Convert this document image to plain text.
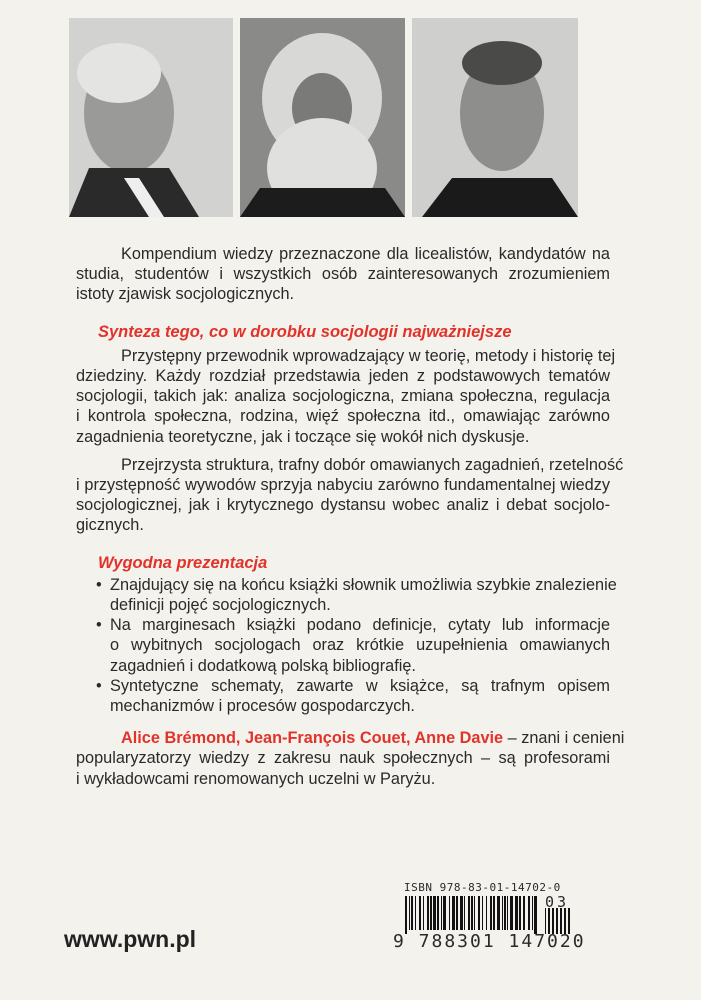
Kompendium wiedzy przeznaczone dla licealistów, kandydatów na
studia, studentów i wszystkich osób zainteresowanych zrozumieniem
istoty zjawisk socjologicznych.
Synteza tego, co w dorobku socjologii najważniejsze
Przystępny przewodnik wprowadzający w teorię, metody i historię tej
dziedziny. Każdy rozdział przedstawia jeden z podstawowych tematów
socjologii, takich jak: analiza socjologiczna, zmiana społeczna, regulacja
i kontrola społeczna, rodzina, więź społeczna itd., omawiając zarówno
zagadnienia teoretyczne, jak i toczące się wokół nich dyskusje.
Przejrzysta struktura, trafny dobór omawianych zagadnień, rzetelność
i przystępność wywodów sprzyja nabyciu zarówno fundamentalnej wiedzy
socjologicznej, jak i krytycznego dystansu wobec analiz i debat socjolo-
gicznych.
Wygodna prezentacja
• Znajdujący się na końcu książki słownik umożliwia szybkie znalezienie
definicji pojęć socjologicznych.
• Na marginesach książki podano definicje, cytaty lub informacje
o wybitnych socjologach oraz krótkie uzupełnienia omawianych
zagadnień i dodatkową polską bibliografię.
• Syntetyczne schematy, zawarte w książce, są trafnym opisem
mechanizmów i procesów gospodarczych.
Alice Brémond, Jean-François Couet, Anne Davie – znani i cenieni
popularyzatorzy wiedzy z zakresu nauk społecznych – są profesorami
i wykładowcami renomowanych uczelni w Paryżu.
www.pwn.pl
ISBN 978-83-01-14702-0
9 788301 147020
03
